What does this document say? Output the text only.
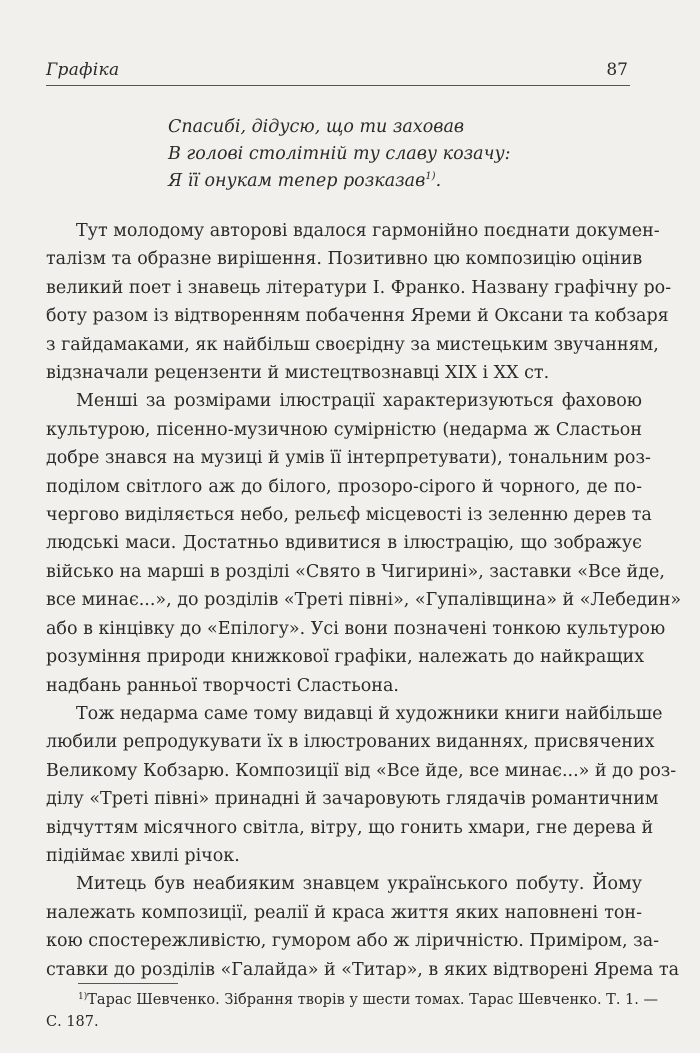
Графіка	87
Спасибі, дідусю, що ти заховав
В голові столітній ту славу козачу:
Я її онукам тепер розказав$^{1)}$.

Тут молодому авторові вдалося гармонійно поєднати докумен-
талізм та образне вирішення. Позитивно цю композицію оцінив
великий поет і знавець літератури І. Франко. Названу графічну ро-
боту разом із відтворенням побачення Яреми й Оксани та кобзаря
з гайдамаками, як найбільш своєрідну за мистецьким звучанням,
відзначали рецензенти й мистецтвознавці XIX і XX ст.

Менші за розмірами ілюстрації характеризуються фаховою
культурою, пісенно-музичною сумірністю (недарма ж Сластьон
добре знався на музиці й умів її інтерпретувати), тональним роз-
поділом світлого аж до білого, прозоро-сірого й чорного, де по-
чергово виділяється небо, рельєф місцевості із зеленню дерев та
людські маси. Достатньо вдивитися в ілюстрацію, що зображує
військо на марші в розділі «Свято в Чигирині», заставки «Все йде,
все минає...», до розділів «Треті півні», «Гупалівщина» й «Лебедин»
або в кінцівку до «Епілогу». Усі вони позначені тонкою культурою
розуміння природи книжкової графіки, належать до найкращих
надбань ранньої творчості Сластьона.

Тож недарма саме тому видавці й художники книги найбільше
любили репродукувати їх в ілюстрованих виданнях, присвячених
Великому Кобзарю. Композиції від «Все йде, все минає...» й до роз-
ділу «Треті півні» принадні й зачаровують глядачів романтичним
відчуттям місячного світла, вітру, що гонить хмари, гне дерева й
підіймає хвилі річок.

Митець був неабияким знавцем українського побуту. Йому
належать композиції, реалії й краса життя яких наповнені тон-
кою спостережливістю, гумором або ж ліричністю. Приміром, за-
ставки до розділів «Галайда» й «Титар», в яких відтворені Ярема та

$^{1)}$Тарас Шевченко. Зібрання творів у шести томах. Тарас Шевченко. Т. 1. —
С. 187.
